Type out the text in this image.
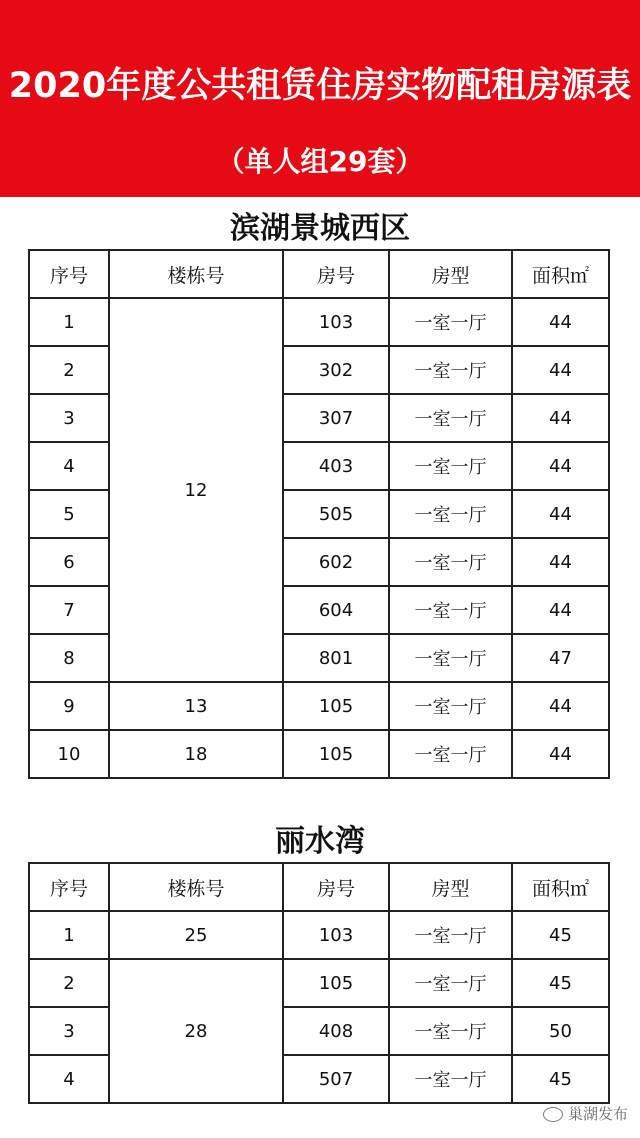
2020年度公共租赁住房实物配租房源表
（单人组29套）
滨湖景城西区
序号	楼栋号	房号	房型	面积㎡
1	12	103	一室一厅	44
2		302	一室一厅	44
3		307	一室一厅	44
4		403	一室一厅	44
5		505	一室一厅	44
6		602	一室一厅	44
7		604	一室一厅	44
8		801	一室一厅	47
9	13	105	一室一厅	44
10	18	105	一室一厅	44
丽水湾
序号	楼栋号	房号	房型	面积㎡
1	25	103	一室一厅	45
2	28	105	一室一厅	45
3		408	一室一厅	50
4		507	一室一厅	45
巢湖发布
